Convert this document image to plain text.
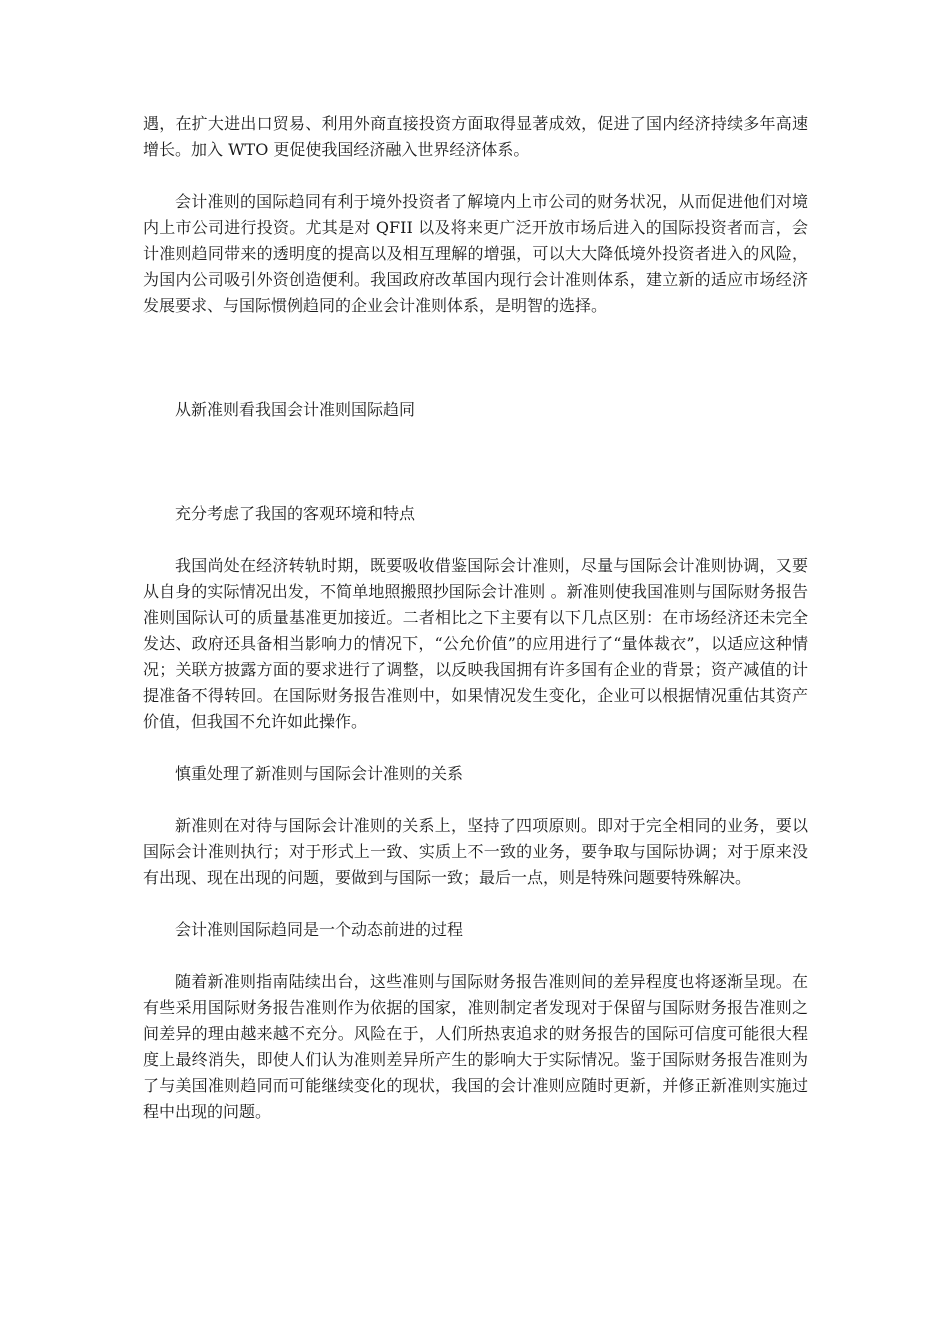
遇，在扩大进出口贸易、利用外商直接投资方面取得显著成效，促进了国内经济持续多年高速增长。加入 WTO 更促使我国经济融入世界经济体系。

会计准则的国际趋同有利于境外投资者了解境内上市公司的财务状况，从而促进他们对境内上市公司进行投资。尤其是对 QFII 以及将来更广泛开放市场后进入的国际投资者而言，会计准则趋同带来的透明度的提高以及相互理解的增强，可以大大降低境外投资者进入的风险，为国内公司吸引外资创造便利。我国政府改革国内现行会计准则体系，建立新的适应市场经济发展要求、与国际惯例趋同的企业会计准则体系，是明智的选择。

从新准则看我国会计准则国际趋同

充分考虑了我国的客观环境和特点

我国尚处在经济转轨时期，既要吸收借鉴国际会计准则，尽量与国际会计准则协调，又要从自身的实际情况出发，不简单地照搬照抄国际会计准则 。新准则使我国准则与国际财务报告准则国际认可的质量基准更加接近。二者相比之下主要有以下几点区别：在市场经济还未完全发达、政府还具备相当影响力的情况下，“公允价值”的应用进行了“量体裁衣”，以适应这种情况；关联方披露方面的要求进行了调整，以反映我国拥有许多国有企业的背景；资产减值的计提准备不得转回。在国际财务报告准则中，如果情况发生变化，企业可以根据情况重估其资产价值，但我国不允许如此操作。

慎重处理了新准则与国际会计准则的关系

新准则在对待与国际会计准则的关系上，坚持了四项原则。即对于完全相同的业务，要以国际会计准则执行；对于形式上一致、实质上不一致的业务，要争取与国际协调；对于原来没有出现、现在出现的问题，要做到与国际一致；最后一点，则是特殊问题要特殊解决。

会计准则国际趋同是一个动态前进的过程

随着新准则指南陆续出台，这些准则与国际财务报告准则间的差异程度也将逐渐呈现。在有些采用国际财务报告准则作为依据的国家，准则制定者发现对于保留与国际财务报告准则之间差异的理由越来越不充分。风险在于，人们所热衷追求的财务报告的国际可信度可能很大程度上最终消失，即使人们认为准则差异所产生的影响大于实际情况。鉴于国际财务报告准则为了与美国准则趋同而可能继续变化的现状，我国的会计准则应随时更新，并修正新准则实施过程中出现的问题。
